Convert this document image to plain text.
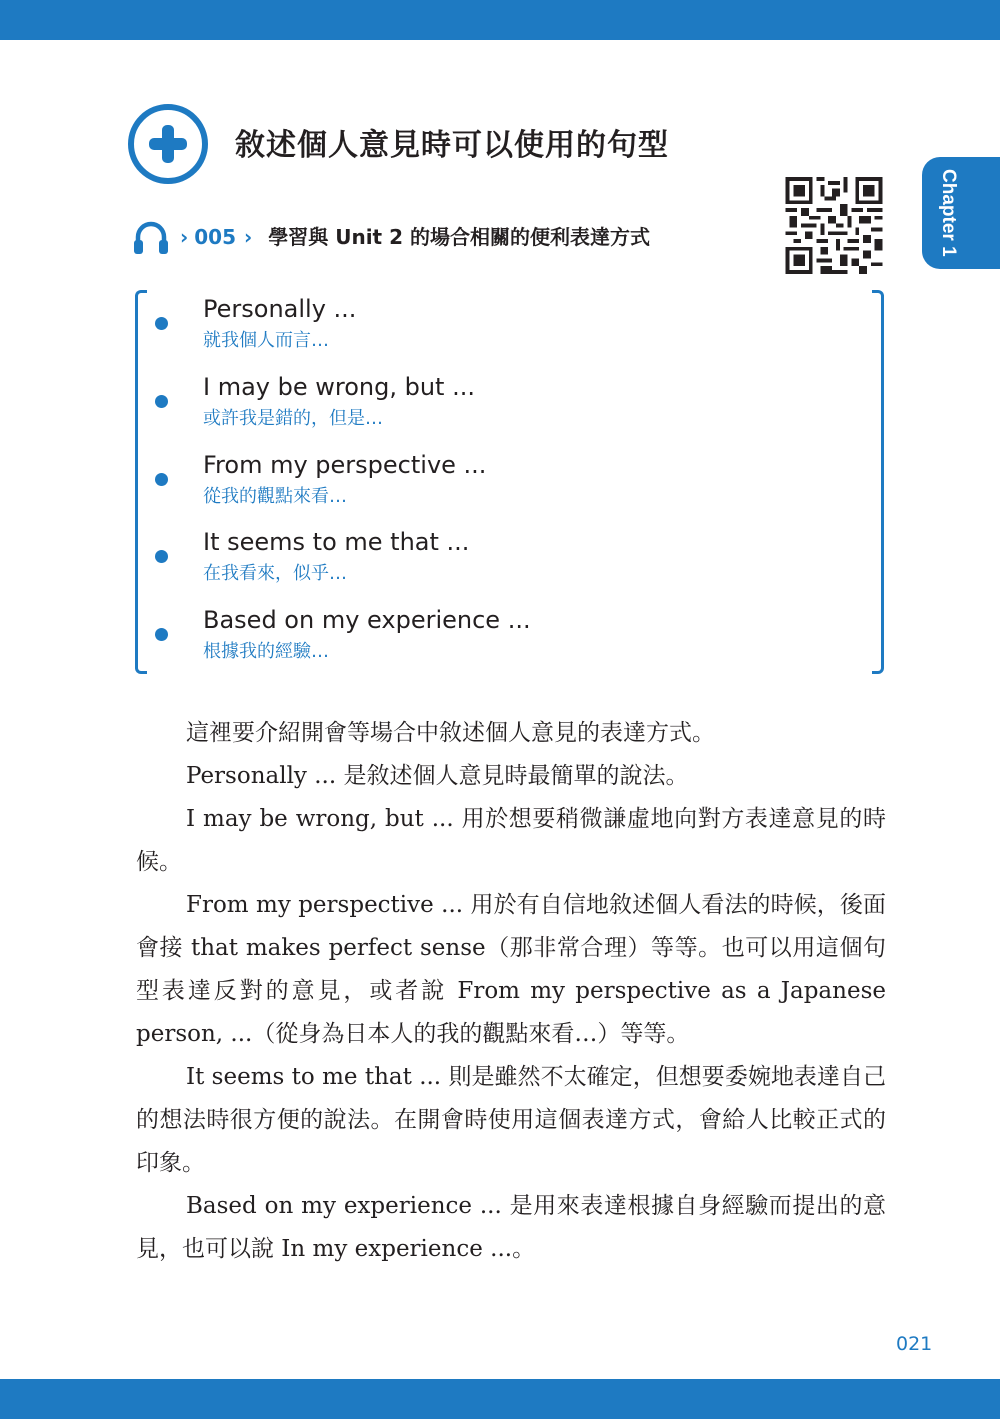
Chapter 1
敘述個人意見時可以使用的句型
› 005 › 學習與 Unit 2 的場合相關的便利表達方式
Personally ...
就我個人而言…
I may be wrong, but ...
或許我是錯的，但是…
From my perspective ...
從我的觀點來看…
It seems to me that ...
在我看來，似乎…
Based on my experience ...
根據我的經驗…

這裡要介紹開會等場合中敘述個人意見的表達方式。

Personally ... 是敘述個人意見時最簡單的說法。

I may be wrong, but ... 用於想要稍微謙虛地向對方表達意見的時候。

From my perspective ... 用於有自信地敘述個人看法的時候，後面會接 that makes perfect sense（那非常合理）等等。也可以用這個句型表達反對的意見，或者說 From my perspective as a Japanese person, ...（從身為日本人的我的觀點來看…）等等。

It seems to me that ... 則是雖然不太確定，但想要委婉地表達自己的想法時很方便的說法。在開會時使用這個表達方式，會給人比較正式的印象。

Based on my experience ... 是用來表達根據自身經驗而提出的意見，也可以說 In my experience ...。

021
